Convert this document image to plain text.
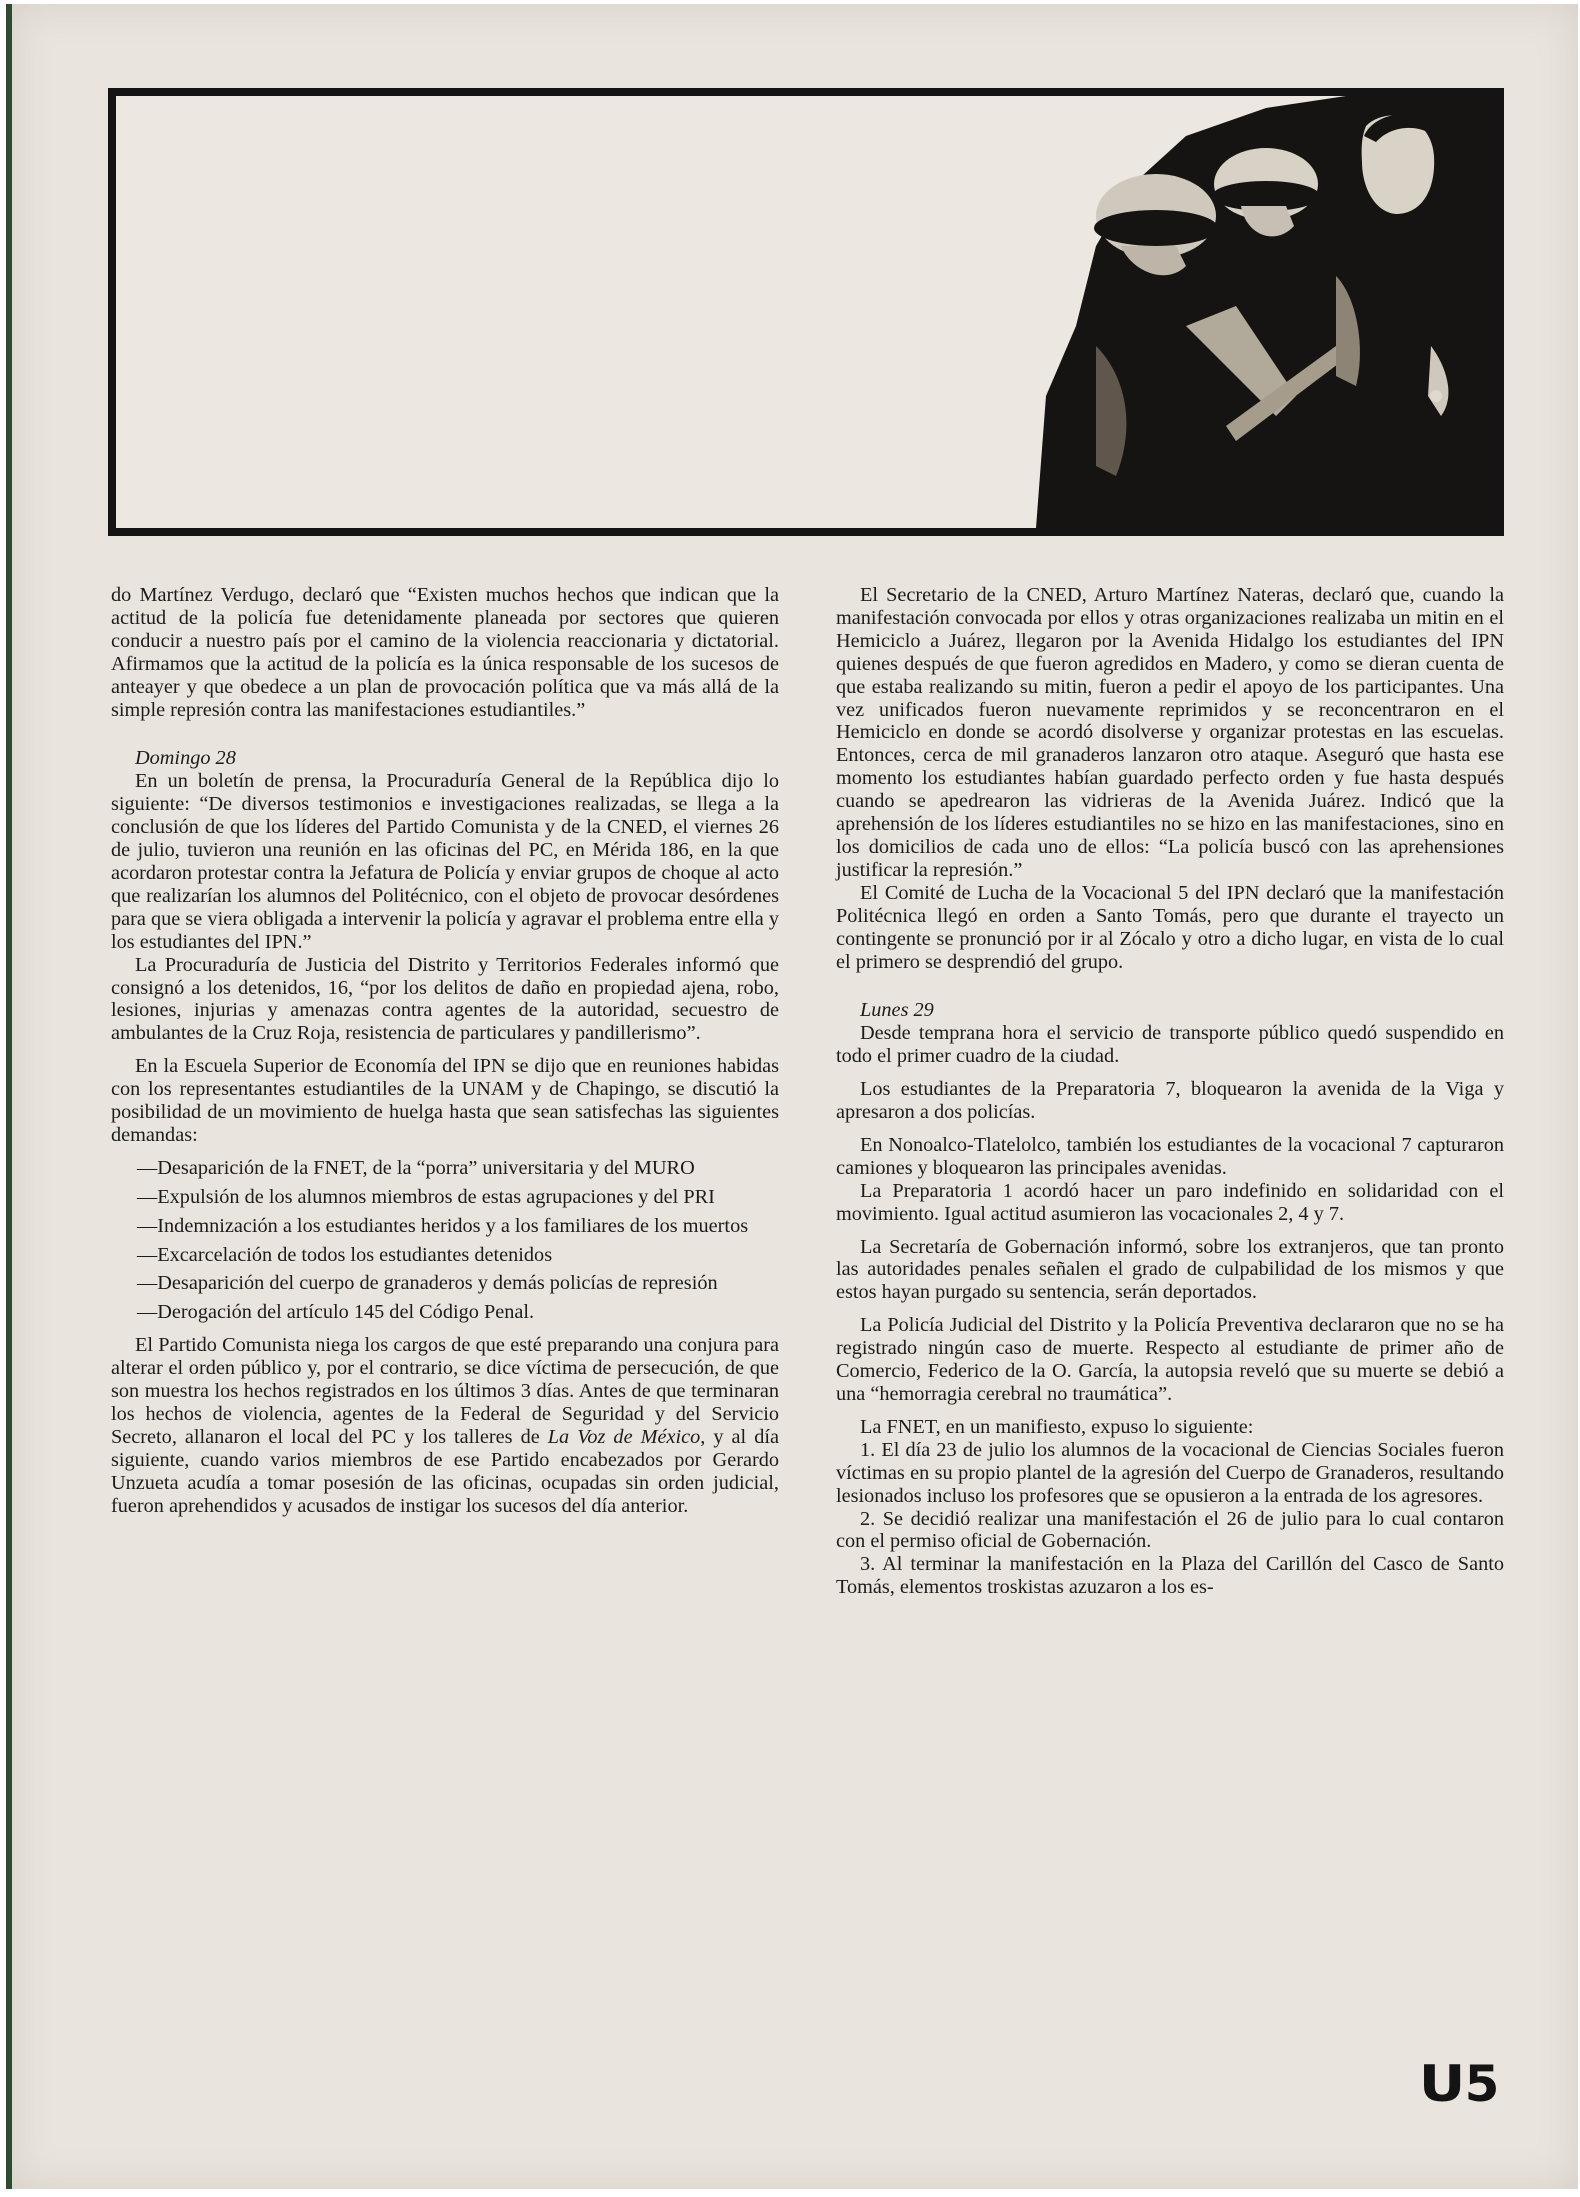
do Martínez Verdugo, declaró que “Existen muchos hechos que indican que la actitud de la policía fue detenidamente planeada por sectores que quieren conducir a nuestro país por el camino de la violencia reaccionaria y dictatorial. Afirmamos que la actitud de la policía es la única responsable de los sucesos de anteayer y que obedece a un plan de provocación política que va más allá de la simple represión contra las manifestaciones estudiantiles.”

Domingo 28

En un boletín de prensa, la Procuraduría General de la República dijo lo siguiente: “De diversos testimonios e investigaciones realizadas, se llega a la conclusión de que los líderes del Partido Comunista y de la CNED, el viernes 26 de julio, tuvieron una reunión en las oficinas del PC, en Mérida 186, en la que acordaron protestar contra la Jefatura de Policía y enviar grupos de choque al acto que realizarían los alumnos del Politécnico, con el objeto de provocar desórdenes para que se viera obligada a intervenir la policía y agravar el problema entre ella y los estudiantes del IPN.”

La Procuraduría de Justicia del Distrito y Territorios Federales informó que consignó a los detenidos, 16, “por los delitos de daño en propiedad ajena, robo, lesiones, injurias y amenazas contra agentes de la autoridad, secuestro de ambulantes de la Cruz Roja, resistencia de particulares y pandillerismo”.

En la Escuela Superior de Economía del IPN se dijo que en reuniones habidas con los representantes estudiantiles de la UNAM y de Chapingo, se discutió la posibilidad de un movimiento de huelga hasta que sean satisfechas las siguientes demandas:

—Desaparición de la FNET, de la “porra” universitaria y del MURO
—Expulsión de los alumnos miembros de estas agrupaciones y del PRI
—Indemnización a los estudiantes heridos y a los familiares de los muertos
—Excarcelación de todos los estudiantes detenidos
—Desaparición del cuerpo de granaderos y demás policías de represión
—Derogación del artículo 145 del Código Penal.

El Partido Comunista niega los cargos de que esté preparando una conjura para alterar el orden público y, por el contrario, se dice víctima de persecución, de que son muestra los hechos registrados en los últimos 3 días. Antes de que terminaran los hechos de violencia, agentes de la Federal de Seguridad y del Servicio Secreto, allanaron el local del PC y los talleres de La Voz de México, y al día siguiente, cuando varios miembros de ese Partido encabezados por Gerardo Unzueta acudía a tomar posesión de las oficinas, ocupadas sin orden judicial, fueron aprehendidos y acusados de instigar los sucesos del día anterior.

El Secretario de la CNED, Arturo Martínez Nateras, declaró que, cuando la manifestación convocada por ellos y otras organizaciones realizaba un mitin en el Hemiciclo a Juárez, llegaron por la Avenida Hidalgo los estudiantes del IPN quienes después de que fueron agredidos en Madero, y como se dieran cuenta de que estaba realizando su mitin, fueron a pedir el apoyo de los participantes. Una vez unificados fueron nuevamente reprimidos y se reconcentraron en el Hemiciclo en donde se acordó disolverse y organizar protestas en las escuelas. Entonces, cerca de mil granaderos lanzaron otro ataque. Aseguró que hasta ese momento los estudiantes habían guardado perfecto orden y fue hasta después cuando se apedrearon las vidrieras de la Avenida Juárez. Indicó que la aprehensión de los líderes estudiantiles no se hizo en las manifestaciones, sino en los domicilios de cada uno de ellos: “La policía buscó con las aprehensiones justificar la represión.”

El Comité de Lucha de la Vocacional 5 del IPN declaró que la manifestación Politécnica llegó en orden a Santo Tomás, pero que durante el trayecto un contingente se pronunció por ir al Zócalo y otro a dicho lugar, en vista de lo cual el primero se desprendió del grupo.

Lunes 29

Desde temprana hora el servicio de transporte público quedó suspendido en todo el primer cuadro de la ciudad.

Los estudiantes de la Preparatoria 7, bloquearon la avenida de la Viga y apresaron a dos policías.

En Nonoalco-Tlatelolco, también los estudiantes de la vocacional 7 capturaron camiones y bloquearon las principales avenidas.

La Preparatoria 1 acordó hacer un paro indefinido en solidaridad con el movimiento. Igual actitud asumieron las vocacionales 2, 4 y 7.

La Secretaría de Gobernación informó, sobre los extranjeros, que tan pronto las autoridades penales señalen el grado de culpabilidad de los mismos y que estos hayan purgado su sentencia, serán deportados.

La Policía Judicial del Distrito y la Policía Preventiva declararon que no se ha registrado ningún caso de muerte. Respecto al estudiante de primer año de Comercio, Federico de la O. García, la autopsia reveló que su muerte se debió a una “hemorragia cerebral no traumática”.

La FNET, en un manifiesto, expuso lo siguiente:

1. El día 23 de julio los alumnos de la vocacional de Ciencias Sociales fueron víctimas en su propio plantel de la agresión del Cuerpo de Granaderos, resultando lesionados incluso los profesores que se opusieron a la entrada de los agresores.

2. Se decidió realizar una manifestación el 26 de julio para lo cual contaron con el permiso oficial de Gobernación.

3. Al terminar la manifestación en la Plaza del Carillón del Casco de Santo Tomás, elementos troskistas azuzaron a los es-

U5
